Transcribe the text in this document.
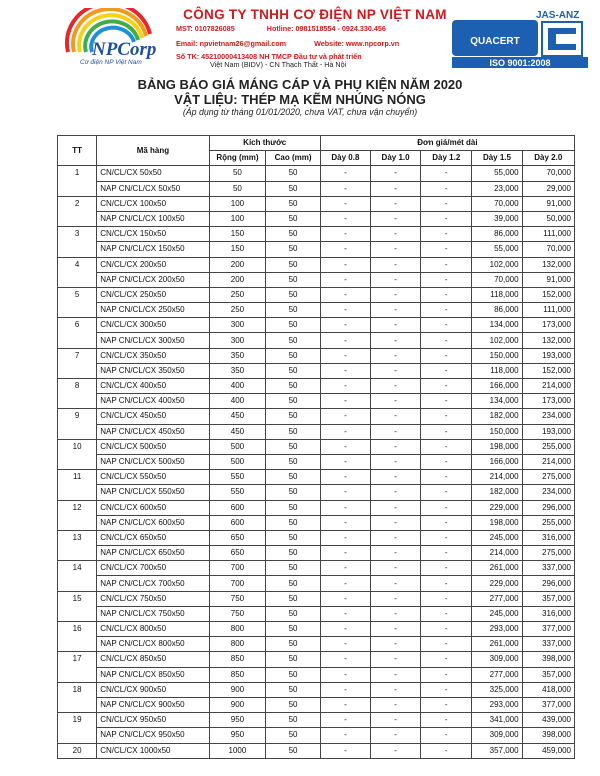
NPCorp
Cơ điện NP Việt Nam
CÔNG TY TNHH CƠ ĐIỆN NP VIỆT NAM
MST: 0107826085	Hotline: 0981518554 - 0924.330.456
Email: npvietnam26@gmail.com	Website: www.npcorp.vn
Số TK: 45210000413408 NH TMCP Đầu tư và phát triển
Việt Nam (BIDV) - CN Thạch Thất - Hà Nội
JAS-ANZ
QUACERT
ISO 9001:2008
BẢNG BÁO GIÁ MÁNG CÁP VÀ PHỤ KIỆN NĂM 2020
VẬT LIỆU: THÉP MẠ KẼM NHÚNG NÓNG
(Áp dụng từ tháng 01/01/2020, chưa VAT, chưa vận chuyển)
TT	Mã hàng	Kích thước		Đơn giá/mét dài				
		Rộng (mm)	Cao (mm)	Dày 0.8	Dày 1.0	Dày 1.2	Dày 1.5	Dày 2.0
1	CN/CL/CX 50x50	50	50	-	-	-	55,000	70,000
	NAP CN/CL/CX 50x50	50	50	-	-	-	23,000	29,000
2	CN/CL/CX 100x50	100	50	-	-	-	70,000	91,000
	NAP CN/CL/CX 100x50	100	50	-	-	-	39,000	50,000
3	CN/CL/CX 150x50	150	50	-	-	-	86,000	111,000
	NAP CN/CL/CX 150x50	150	50	-	-	-	55,000	70,000
4	CN/CL/CX 200x50	200	50	-	-	-	102,000	132,000
	NAP CN/CL/CX 200x50	200	50	-	-	-	70,000	91,000
5	CN/CL/CX 250x50	250	50	-	-	-	118,000	152,000
	NAP CN/CL/CX 250x50	250	50	-	-	-	86,000	111,000
6	CN/CL/CX 300x50	300	50	-	-	-	134,000	173,000
	NAP CN/CL/CX 300x50	300	50	-	-	-	102,000	132,000
7	CN/CL/CX 350x50	350	50	-	-	-	150,000	193,000
	NAP CN/CL/CX 350x50	350	50	-	-	-	118,000	152,000
8	CN/CL/CX 400x50	400	50	-	-	-	166,000	214,000
	NAP CN/CL/CX 400x50	400	50	-	-	-	134,000	173,000
9	CN/CL/CX 450x50	450	50	-	-	-	182,000	234,000
	NAP CN/CL/CX 450x50	450	50	-	-	-	150,000	193,000
10	CN/CL/CX 500x50	500	50	-	-	-	198,000	255,000
	NAP CN/CL/CX 500x50	500	50	-	-	-	166,000	214,000
11	CN/CL/CX 550x50	550	50	-	-	-	214,000	275,000
	NAP CN/CL/CX 550x50	550	50	-	-	-	182,000	234,000
12	CN/CL/CX 600x50	600	50	-	-	-	229,000	296,000
	NAP CN/CL/CX 600x50	600	50	-	-	-	198,000	255,000
13	CN/CL/CX 650x50	650	50	-	-	-	245,000	316,000
	NAP CN/CL/CX 650x50	650	50	-	-	-	214,000	275,000
14	CN/CL/CX 700x50	700	50	-	-	-	261,000	337,000
	NAP CN/CL/CX 700x50	700	50	-	-	-	229,000	296,000
15	CN/CL/CX 750x50	750	50	-	-	-	277,000	357,000
	NAP CN/CL/CX 750x50	750	50	-	-	-	245,000	316,000
16	CN/CL/CX 800x50	800	50	-	-	-	293,000	377,000
	NAP CN/CL/CX 800x50	800	50	-	-	-	261,000	337,000
17	CN/CL/CX 850x50	850	50	-	-	-	309,000	398,000
	NAP CN/CL/CX 850x50	850	50	-	-	-	277,000	357,000
18	CN/CL/CX 900x50	900	50	-	-	-	325,000	418,000
	NAP CN/CL/CX 900x50	900	50	-	-	-	293,000	377,000
19	CN/CL/CX 950x50	950	50	-	-	-	341,000	439,000
	NAP CN/CL/CX 950x50	950	50	-	-	-	309,000	398,000
20	CN/CL/CX 1000x50	1000	50	-	-	-	357,000	459,000
